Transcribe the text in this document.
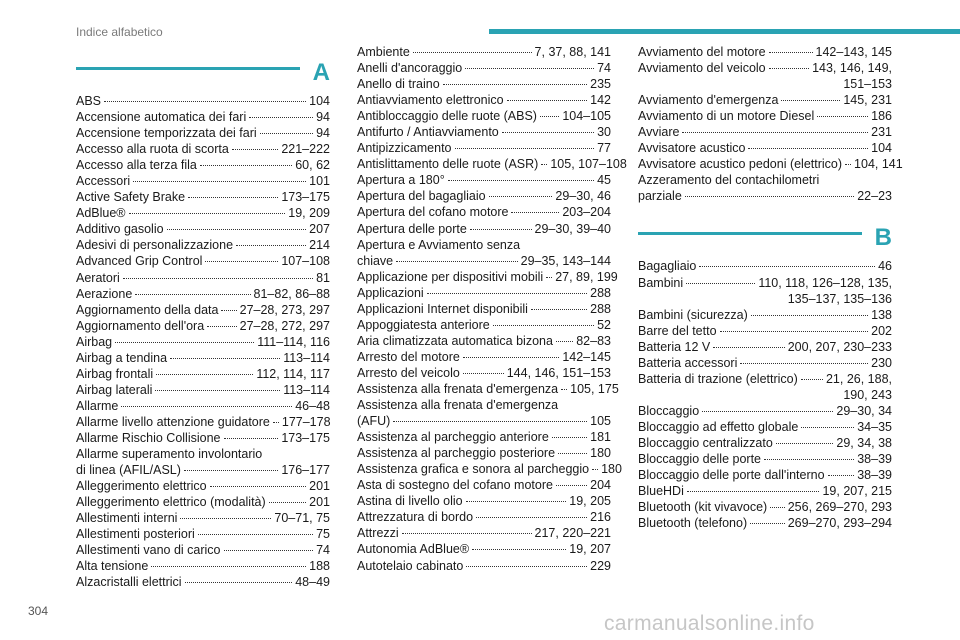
Indice alfabetico
A
ABS	104
Accensione automatica dei fari	94
Accensione temporizzata dei fari	94
Accesso alla ruota di scorta	221–222
Accesso alla terza fila	60, 62
Accessori	101
Active Safety Brake	173–175
AdBlue®	19, 209
Additivo gasolio	207
Adesivi di personalizzazione	214
Advanced Grip Control	107–108
Aeratori	81
Aerazione	81–82, 86–88
Aggiornamento della data 27–28, 273, 297
Aggiornamento dell'ora	27–28, 272, 297
Airbag	111–114, 116
Airbag a tendina	113–114
Airbag frontali	112, 114, 117
Airbag laterali	113–114
Allarme	46–48
Allarme livello attenzione guidatore 177–178
Allarme Rischio Collisione	173–175
Allarme superamento involontario
di linea (AFIL/ASL)	176–177
Alleggerimento elettrico	201
Alleggerimento elettrico (modalità)	201
Allestimenti interni	70–71, 75
Allestimenti posteriori	75
Allestimenti vano di carico	74
Alta tensione	188
Alzacristalli elettrici	48–49
Ambiente	7, 37, 88, 141
Anelli d'ancoraggio	74
Anello di traino	235
Antiavviamento elettronico	142
Antibloccaggio delle ruote (ABS) 104–105
Antifurto / Antiavviamento	30
Antipizzicamento	77
Antislittamento delle ruote (ASR) 105, 107–108
Apertura a 180°	45
Apertura del bagagliaio	29–30, 46
Apertura del cofano motore	203–204
Apertura delle porte	29–30, 39–40
Apertura e Avviamento senza
chiave	29–35, 143–144
Applicazione per dispositivi mobili 27, 89, 199
Applicazioni	288
Applicazioni Internet disponibili	288
Appoggiatesta anteriore	52
Aria climatizzata automatica bizona 82–83
Arresto del motore	142–145
Arresto del veicolo	144, 146, 151–153
Assistenza alla frenata d'emergenza 105, 175
Assistenza alla frenata d'emergenza
(AFU)	105
Assistenza al parcheggio anteriore	181
Assistenza al parcheggio posteriore	180
Assistenza grafica e sonora al parcheggio 180
Asta di sostegno del cofano motore	204
Astina di livello olio	19, 205
Attrezzatura di bordo	216
Attrezzi	217, 220–221
Autonomia AdBlue®	19, 207
Autotelaio cabinato	229
Avviamento del motore	142–143, 145
Avviamento del veicolo	143, 146, 149,
151–153
Avviamento d'emergenza	145, 231
Avviamento di un motore Diesel	186
Avviare	231
Avvisatore acustico	104
Avvisatore acustico pedoni (elettrico) 104, 141
Azzeramento del contachilometri
parziale	22–23
B
Bagagliaio	46
Bambini	110, 118, 126–128, 135,
135–137, 135–136
Bambini (sicurezza)	138
Barre del tetto	202
Batteria 12 V	200, 207, 230–233
Batteria accessori	230
Batteria di trazione (elettrico) 21, 26, 188,
190, 243
Bloccaggio	29–30, 34
Bloccaggio ad effetto globale	34–35
Bloccaggio centralizzato	29, 34, 38
Bloccaggio delle porte	38–39
Bloccaggio delle porte dall'interno	38–39
BlueHDi	19, 207, 215
Bluetooth (kit vivavoce) 256, 269–270, 293
Bluetooth (telefono)	269–270, 293–294
304
carmanualsonline.info
